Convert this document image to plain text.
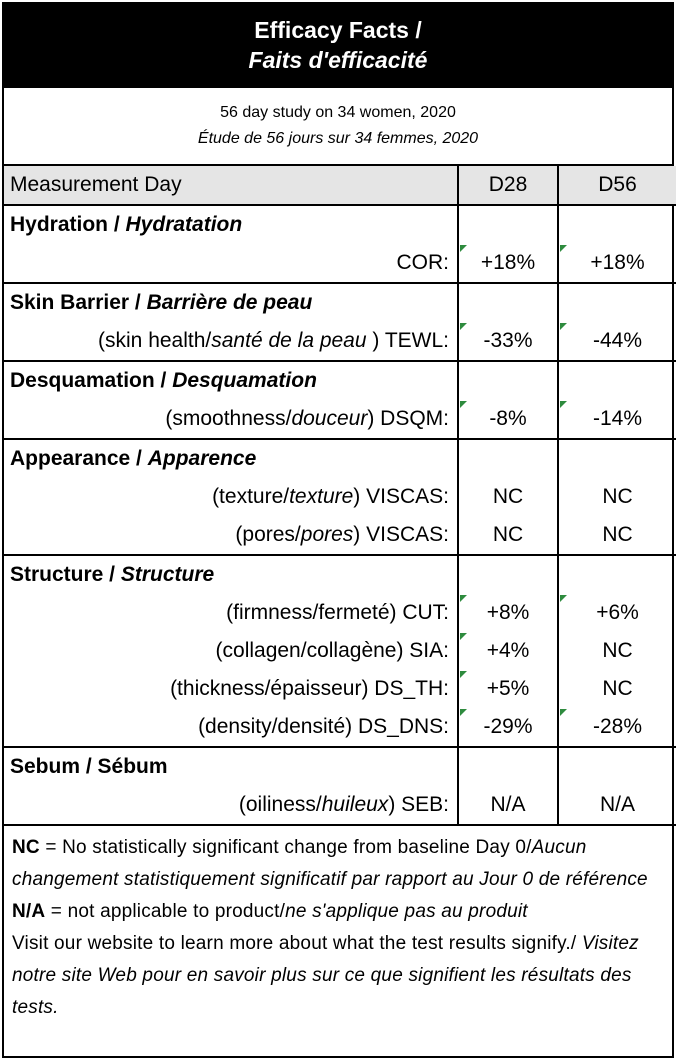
Efficacy Facts /
Faits d'efficacité
56 day study on 34 women, 2020
Étude de 56 jours sur 34 femmes, 2020
Measurement Day	D28	D56
Hydration / Hydratation		
COR:	+18%	+18%
Skin Barrier / Barrière de peau		
(skin health/santé de la peau ) TEWL:	-33%	-44%
Desquamation / Desquamation		
(smoothness/douceur) DSQM:	-8%	-14%
Appearance / Apparence		
(texture/texture) VISCAS:	NC	NC
(pores/pores) VISCAS:	NC	NC
Structure / Structure		
(firmness/fermeté) CUT:	+8%	+6%
(collagen/collagène) SIA:	+4%	NC
(thickness/épaisseur) DS_TH:	+5%	NC
(density/densité) DS_DNS:	-29%	-28%
Sebum / Sébum		
(oiliness/huileux) SEB:	N/A	N/A
NC = No statistically significant change from baseline Day 0/Aucun changement statistiquement significatif par rapport au Jour 0 de référence
N/A = not applicable to product/ne s'applique pas au produit
Visit our website to learn more about what the test results signify./ Visitez notre site Web pour en savoir plus sur ce que signifient les résultats des tests.
